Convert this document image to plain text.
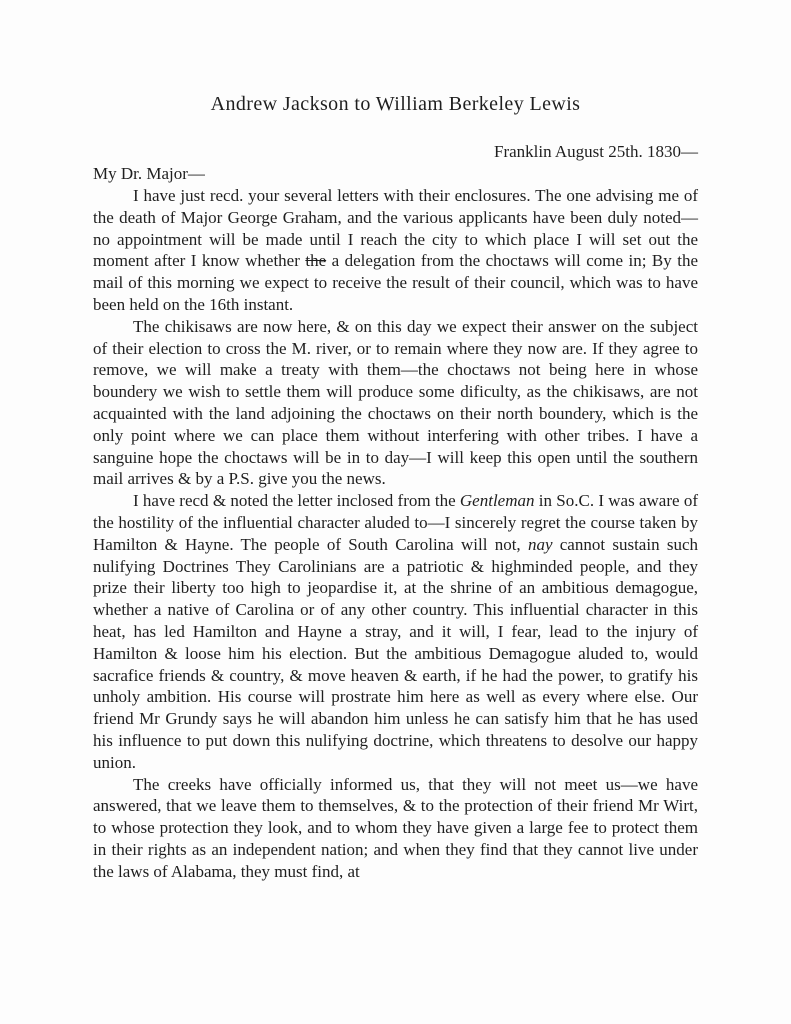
Andrew Jackson to William Berkeley Lewis

Franklin August 25th. 1830—

My Dr. Major—

I have just recd. your several letters with their enclosures. The one advising me of the death of Major George Graham, and the various applicants have been duly noted—no appointment will be made until I reach the city to which place I will set out the moment after I know whether the a delegation from the choctaws will come in; By the mail of this morning we expect to receive the result of their council, which was to have been held on the 16th instant.

The chikisaws are now here, & on this day we expect their answer on the subject of their election to cross the M. river, or to remain where they now are. If they agree to remove, we will make a treaty with them—the choctaws not being here in whose boundery we wish to settle them will produce some dificulty, as the chikisaws, are not acquainted with the land adjoining the choctaws on their north boundery, which is the only point where we can place them without interfering with other tribes. I have a sanguine hope the choctaws will be in to day—I will keep this open until the southern mail arrives & by a P.S. give you the news.

I have recd & noted the letter inclosed from the Gentleman in So.C. I was aware of the hostility of the influential character aluded to—I sincerely regret the course taken by Hamilton & Hayne. The people of South Carolina will not, nay cannot sustain such nulifying Doctrines They Carolinians are a patriotic & highminded people, and they prize their liberty too high to jeopardise it, at the shrine of an ambitious demagogue, whether a native of Carolina or of any other country. This influential character in this heat, has led Hamilton and Hayne a stray, and it will, I fear, lead to the injury of Hamilton & loose him his election. But the ambitious Demagogue aluded to, would sacrafice friends & country, & move heaven & earth, if he had the power, to gratify his unholy ambition. His course will prostrate him here as well as every where else. Our friend Mr Grundy says he will abandon him unless he can satisfy him that he has used his influence to put down this nulifying doctrine, which threatens to desolve our happy union.

The creeks have officially informed us, that they will not meet us—we have answered, that we leave them to themselves, & to the protection of their friend Mr Wirt, to whose protection they look, and to whom they have given a large fee to protect them in their rights as an independent nation; and when they find that they cannot live under the laws of Alabama, they must find, at
